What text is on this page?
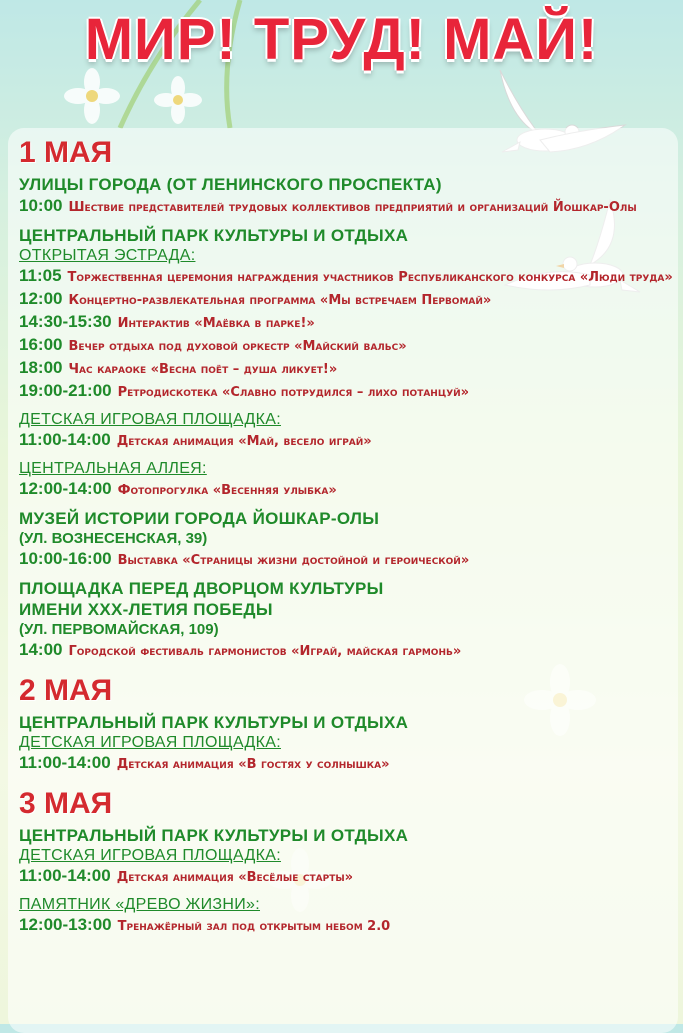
МИР! ТРУД! МАЙ!
1 МАЯ
УЛИЦЫ ГОРОДА (ОТ ЛЕНИНСКОГО ПРОСПЕКТА)
10:00 Шествие представителей трудовых коллективов предприятий и организаций Йошкар-Олы
ЦЕНТРАЛЬНЫЙ ПАРК КУЛЬТУРЫ И ОТДЫХА
ОТКРЫТАЯ ЭСТРАДА:
11:05 Торжественная церемония награждения участников Республиканского конкурса «Люди труда»
12:00 Концертно-развлекательная программа «Мы встречаем Первомай»
14:30-15:30 Интерактив «Маёвка в парке!»
16:00 Вечер отдыха под духовой оркестр «Майский вальс»
18:00 Час караоке «Весна поёт – душа ликует!»
19:00-21:00 Ретродискотека «Славно потрудился – лихо потанцуй»
ДЕТСКАЯ ИГРОВАЯ ПЛОЩАДКА:
11:00-14:00 Детская анимация «Май, весело играй»
ЦЕНТРАЛЬНАЯ АЛЛЕЯ:
12:00-14:00 Фотопрогулка «Весенняя улыбка»
МУЗЕЙ ИСТОРИИ ГОРОДА ЙОШКАР-ОЛЫ
(УЛ. ВОЗНЕСЕНСКАЯ, 39)
10:00-16:00 Выставка «Страницы жизни достойной и героической»
ПЛОЩАДКА ПЕРЕД ДВОРЦОМ КУЛЬТУРЫ
ИМЕНИ XXX-ЛЕТИЯ ПОБЕДЫ
(УЛ. ПЕРВОМАЙСКАЯ, 109)
14:00 Городской фестиваль гармонистов «Играй, майская гармонь»
2 МАЯ
ЦЕНТРАЛЬНЫЙ ПАРК КУЛЬТУРЫ И ОТДЫХА
ДЕТСКАЯ ИГРОВАЯ ПЛОЩАДКА:
11:00-14:00 Детская анимация «В гостях у солнышка»
3 МАЯ
ЦЕНТРАЛЬНЫЙ ПАРК КУЛЬТУРЫ И ОТДЫХА
ДЕТСКАЯ ИГРОВАЯ ПЛОЩАДКА:
11:00-14:00 Детская анимация «Весёлые старты»
ПАМЯТНИК «ДРЕВО ЖИЗНИ»:
12:00-13:00 Тренажёрный зал под открытым небом 2.0
